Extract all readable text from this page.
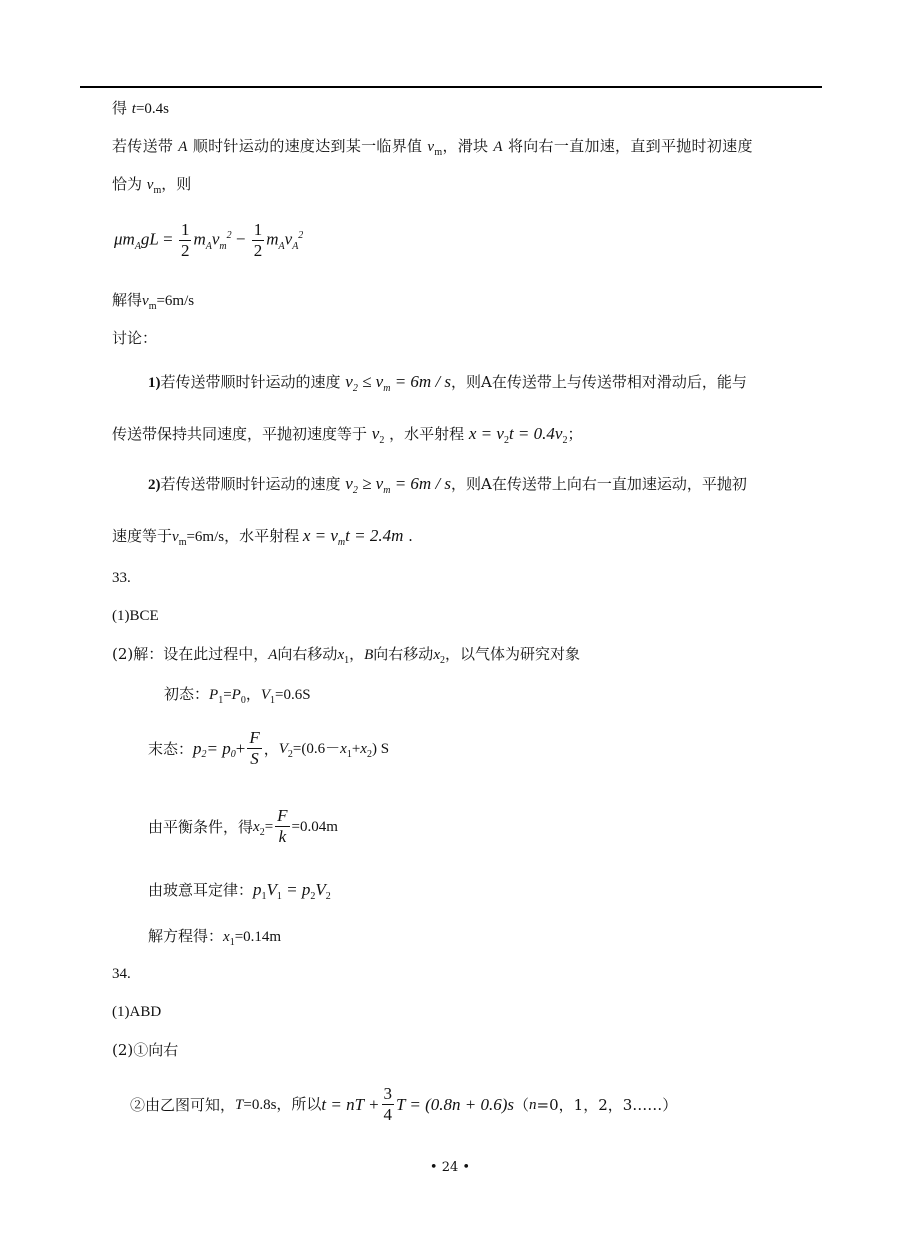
得 t=0.4s
若传送带 A 顺时针运动的速度达到某一临界值 $v_m$，滑块 A 将向右一直加速，直到平抛时初速度
恰为 $v_m$，则
$\mu m_AgL = \frac{1}{2} m_Av_m^2 - \frac{1}{2} m_Av_A^2$
解得$v_m=6m/s$
讨论：
1)若传送带顺时针运动的速度 $v_2 \le v_m = 6m / s$，则A在传送带上与传送带相对滑动后，能与
传送带保持共同速度，平抛初速度等于 $v_2$ ，水平射程 $x = v_2t = 0.4v_2$；
2)若传送带顺时针运动的速度 $v_2 \ge v_m = 6m / s$，则A在传送带上向右一直加速运动，平抛初
速度等于$v_m=6m/s$，水平射程 $x = v_mt = 2.4m$ .
33.
(1)BCE
(2)解：设在此过程中，A向右移动$x_1$，B向右移动$x_2$，以气体为研究对象
初态：$P_1=P_0$，$V_1=0.6S$
末态： $p_2 = p_0 + \frac{F}{S}$ ， $V_2 =(0.6- x_1 + x_2$ ) S
由平衡条件，得 $x_2 = \frac{F}{k} =0.04m$
由玻意耳定律：$p_1V_1 = p_2V_2$
解方程得：$x_1=0.14m$
34.
(1)ABD
(2)①向右
②由乙图可知， T =0.8s，所以 t = nT + $\frac{3}{4}$ T = (0.8n + 0.6)s （ n =0，1，2，3……）
• 24 •
